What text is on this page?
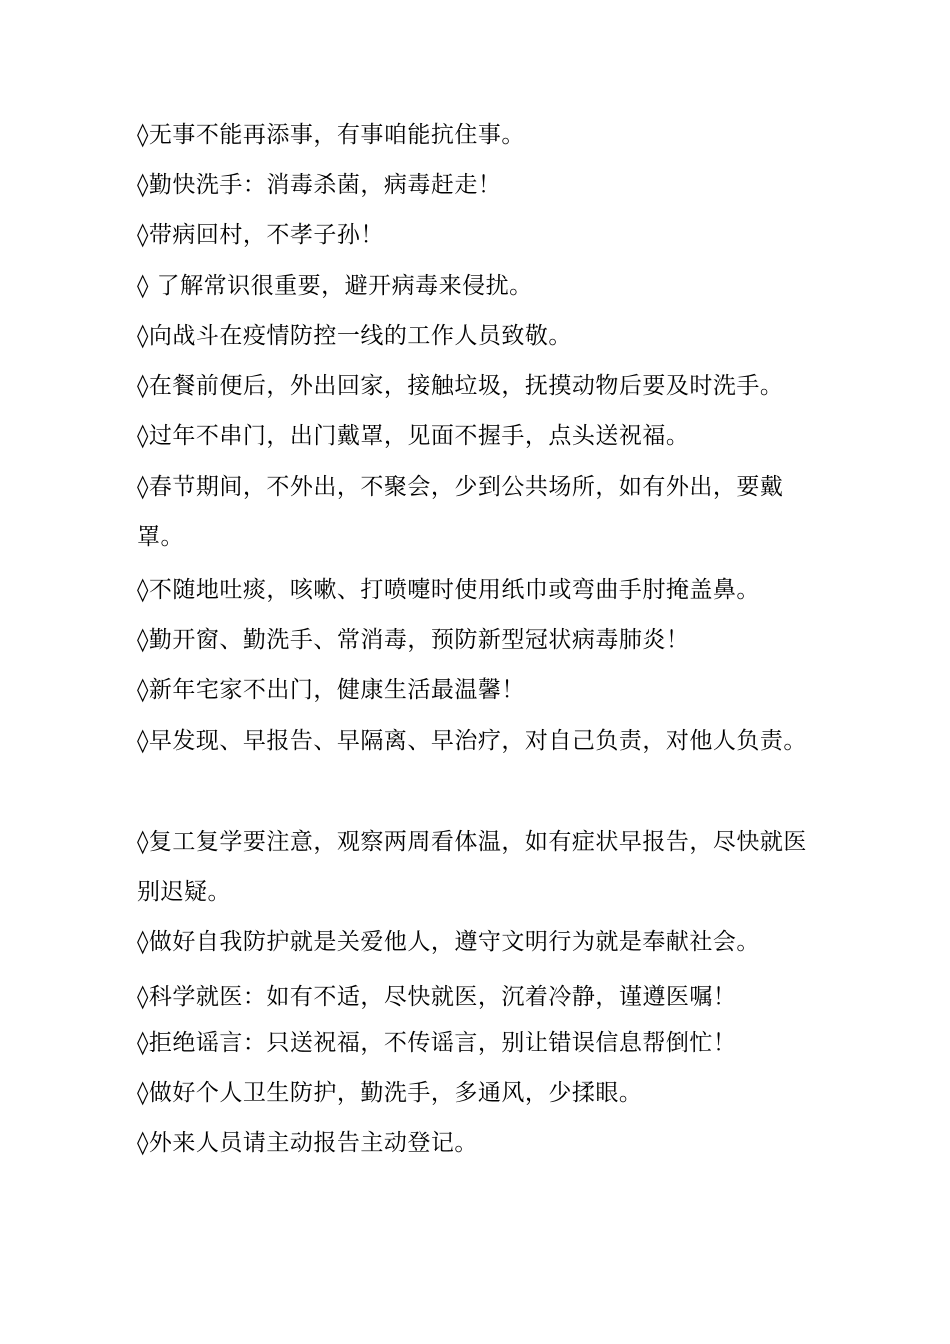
◊无事不能再添事，有事咱能抗住事。

◊勤快洗手：消毒杀菌，病毒赶走！

◊带病回村，不孝子孙！

◊ 了解常识很重要，避开病毒来侵扰。

◊向战斗在疫情防控一线的工作人员致敬。

◊在餐前便后，外出回家，接触垃圾，抚摸动物后要及时洗手。

◊过年不串门，出门戴罩，见面不握手，点头送祝福。

◊春节期间，不外出，不聚会，少到公共场所，如有外出，要戴罩。

◊不随地吐痰，咳嗽、打喷嚏时使用纸巾或弯曲手肘掩盖鼻。

◊勤开窗、勤洗手、常消毒，预防新型冠状病毒肺炎！

◊新年宅家不出门，健康生活最温馨！

◊早发现、早报告、早隔离、早治疗，对自己负责，对他人负责。

◊复工复学要注意，观察两周看体温，如有症状早报告，尽快就医别迟疑。

◊做好自我防护就是关爱他人，遵守文明行为就是奉献社会。

◊科学就医：如有不适，尽快就医，沉着冷静，谨遵医嘱！

◊拒绝谣言：只送祝福，不传谣言，别让错误信息帮倒忙！

◊做好个人卫生防护，勤洗手，多通风，少揉眼。

◊外来人员请主动报告主动登记。
